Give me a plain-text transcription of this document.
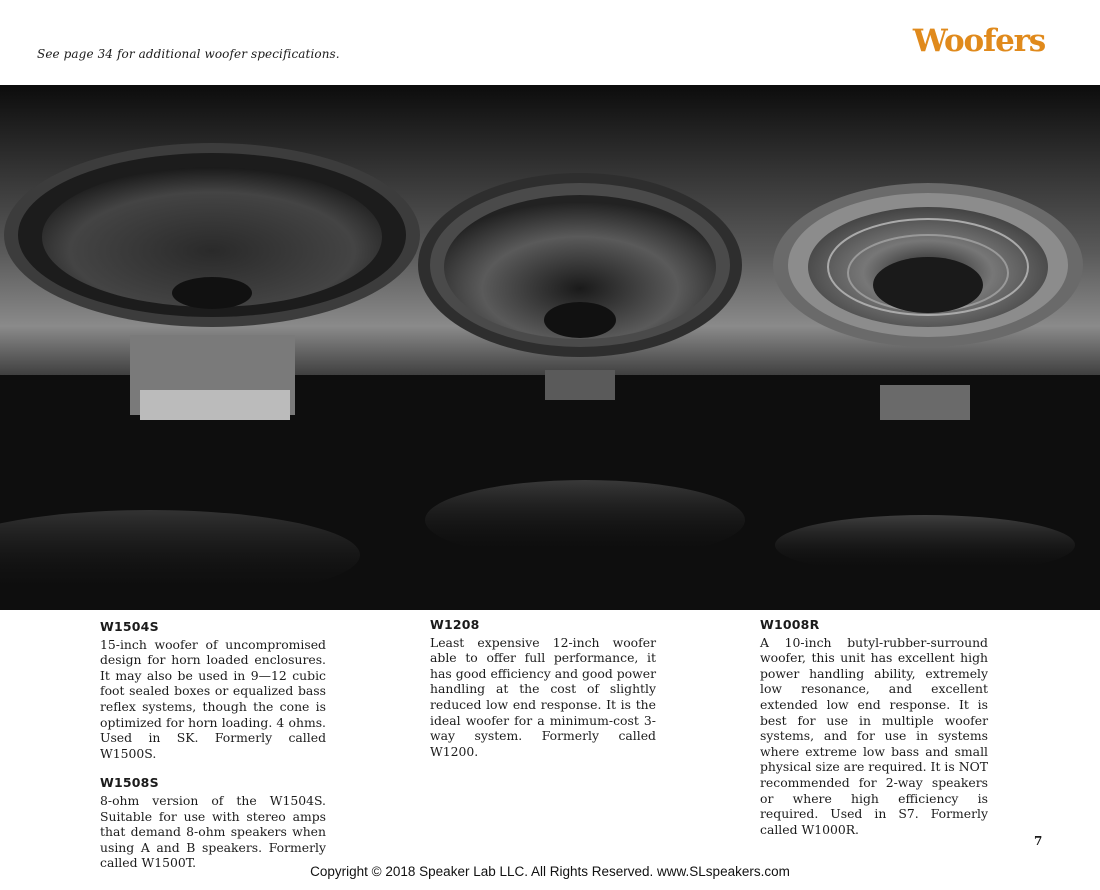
See page 34 for additional woofer specifications.	Woofers

W1504S

15-inch woofer of uncompromised design for horn loaded enclosures. It may also be used in 9—12 cubic foot sealed boxes or equalized bass reflex systems, though the cone is optimized for horn loading. 4 ohms. Used in SK. Formerly called W1500S.

W1508S

8-ohm version of the W1504S. Suitable for use with stereo amps that demand 8-ohm speakers when using A and B speakers. Formerly called W1500T.

W1208

Least expensive 12-inch woofer able to offer full performance, it has good efficiency and good power handling at the cost of slightly reduced low end response. It is the ideal woofer for a minimum-cost 3-way system. Formerly called W1200.

W1008R

A 10-inch butyl-rubber-surround woofer, this unit has excellent high power handling ability, extremely low resonance, and excellent extended low end response. It is best for use in multiple woofer systems, and for use in systems where extreme low bass and small physical size are required. It is NOT recommended for 2-way speakers or where high efficiency is required. Used in S7. Formerly called W1000R.

7
Copyright © 2018 Speaker Lab LLC. All Rights Reserved. www.SLspeakers.com
